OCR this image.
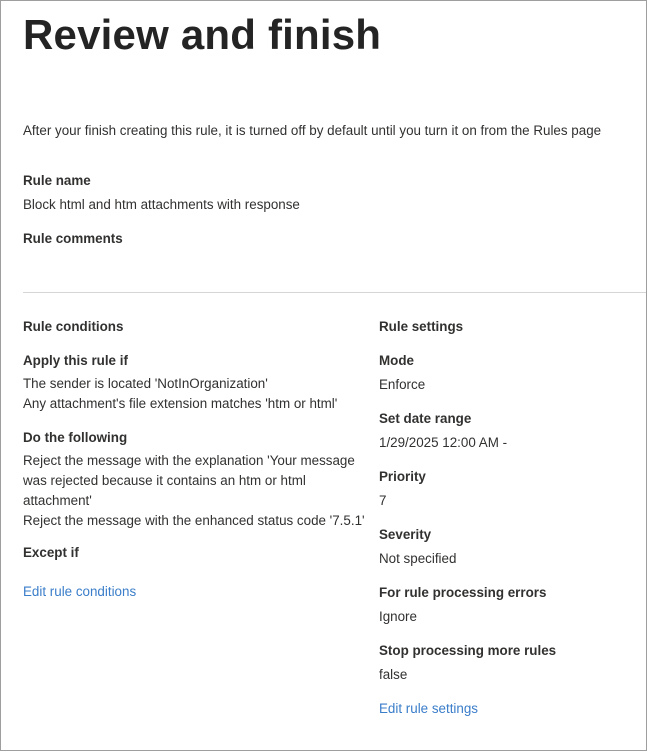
Review and finish
After your finish creating this rule, it is turned off by default until you turn it on from the Rules page
Rule name
Block html and htm attachments with response
Rule comments
Rule conditions
Apply this rule if
The sender is located 'NotInOrganization'
Any attachment's file extension matches 'htm or html'
Do the following
Reject the message with the explanation 'Your message
was rejected because it contains an htm or html
attachment'
Reject the message with the enhanced status code '7.5.1'
Except if
Edit rule conditions
Rule settings
Mode
Enforce
Set date range
1/29/2025 12:00 AM -
Priority
7
Severity
Not specified
For rule processing errors
Ignore
Stop processing more rules
false
Edit rule settings
